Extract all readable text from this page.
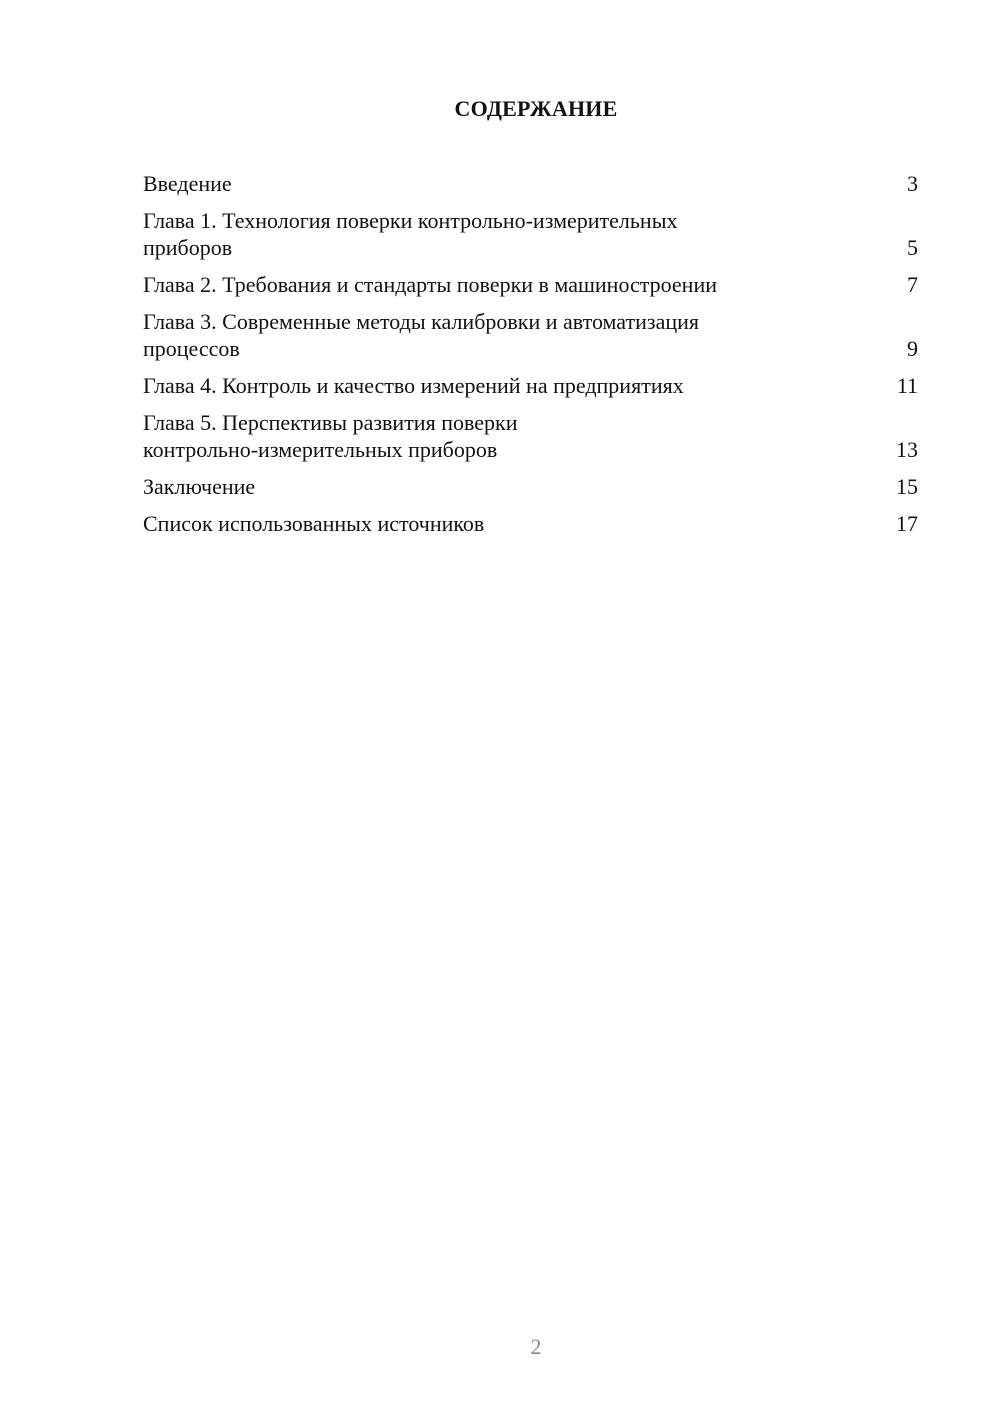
СОДЕРЖАНИЕ
Введение	3
Глава 1. Технология поверки контрольно-измерительных
приборов	5
Глава 2. Требования и стандарты поверки в машиностроении	7
Глава 3. Современные методы калибровки и автоматизация
процессов	9
Глава 4. Контроль и качество измерений на предприятиях	11
Глава 5. Перспективы развития поверки
контрольно-измерительных приборов	13
Заключение	15
Список использованных источников	17
2
